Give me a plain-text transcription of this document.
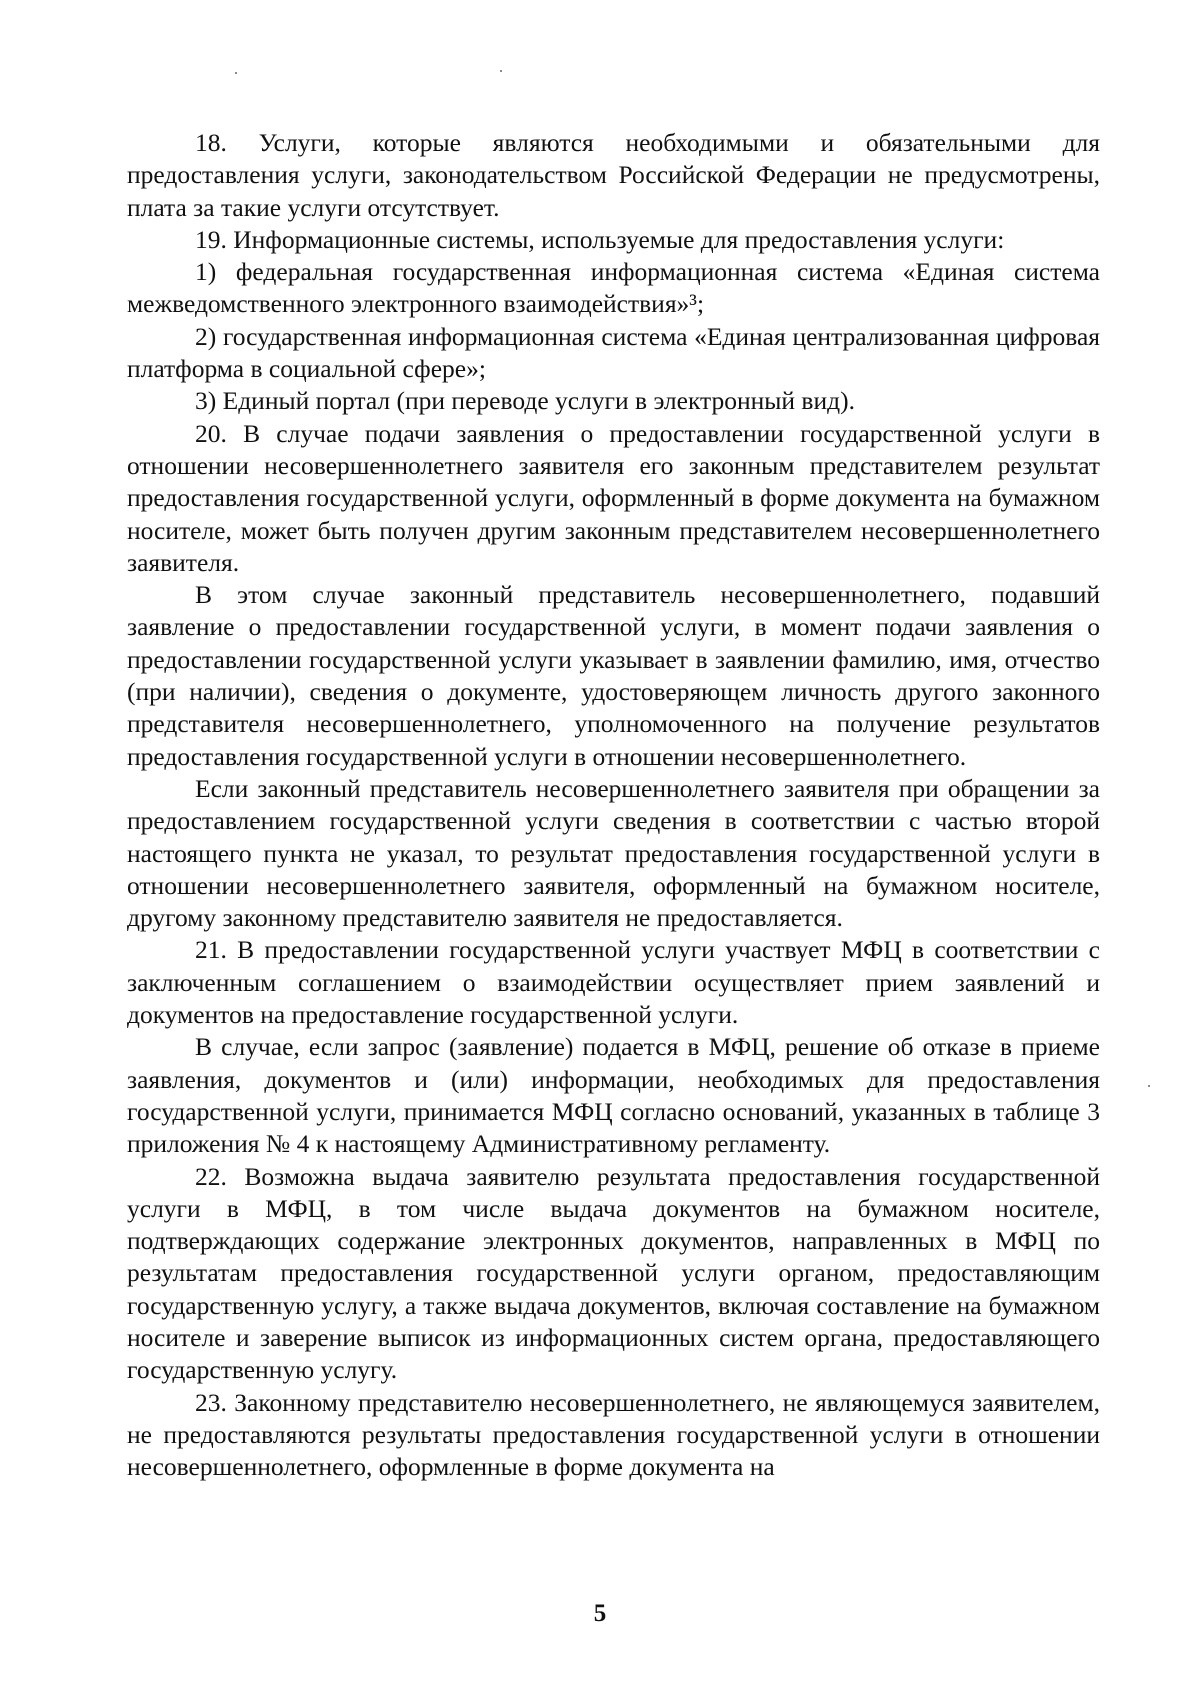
18. Услуги, которые являются необходимыми и обязательными для предоставления услуги, законодательством Российской Федерации не предусмотрены, плата за такие услуги отсутствует.

19. Информационные системы, используемые для предоставления услуги:

1) федеральная государственная информационная система «Единая система межведомственного электронного взаимодействия»³;

2) государственная информационная система «Единая централизованная цифровая платформа в социальной сфере»;

3) Единый портал (при переводе услуги в электронный вид).

20. В случае подачи заявления о предоставлении государственной услуги в отношении несовершеннолетнего заявителя его законным представителем результат предоставления государственной услуги, оформленный в форме документа на бумажном носителе, может быть получен другим законным представителем несовершеннолетнего заявителя.

В этом случае законный представитель несовершеннолетнего, подавший заявление о предоставлении государственной услуги, в момент подачи заявления о предоставлении государственной услуги указывает в заявлении фамилию, имя, отчество (при наличии), сведения о документе, удостоверяющем личность другого законного представителя несовершеннолетнего, уполномоченного на получение результатов предоставления государственной услуги в отношении несовершеннолетнего.

Если законный представитель несовершеннолетнего заявителя при обращении за предоставлением государственной услуги сведения в соответствии с частью второй настоящего пункта не указал, то результат предоставления государственной услуги в отношении несовершеннолетнего заявителя, оформленный на бумажном носителе, другому законному представителю заявителя не предоставляется.

21. В предоставлении государственной услуги участвует МФЦ в соответствии с заключенным соглашением о взаимодействии осуществляет прием заявлений и документов на предоставление государственной услуги.

В случае, если запрос (заявление) подается в МФЦ, решение об отказе в приеме заявления, документов и (или) информации, необходимых для предоставления государственной услуги, принимается МФЦ согласно оснований, указанных в таблице 3 приложения № 4 к настоящему Административному регламенту.

22. Возможна выдача заявителю результата предоставления государственной услуги в МФЦ, в том числе выдача документов на бумажном носителе, подтверждающих содержание электронных документов, направленных в МФЦ по результатам предоставления государственной услуги органом, предоставляющим государственную услугу, а также выдача документов, включая составление на бумажном носителе и заверение выписок из информационных систем органа, предоставляющего государственную услугу.

23. Законному представителю несовершеннолетнего, не являющемуся заявителем, не предоставляются результаты предоставления государственной услуги в отношении несовершеннолетнего, оформленные в форме документа на

5
